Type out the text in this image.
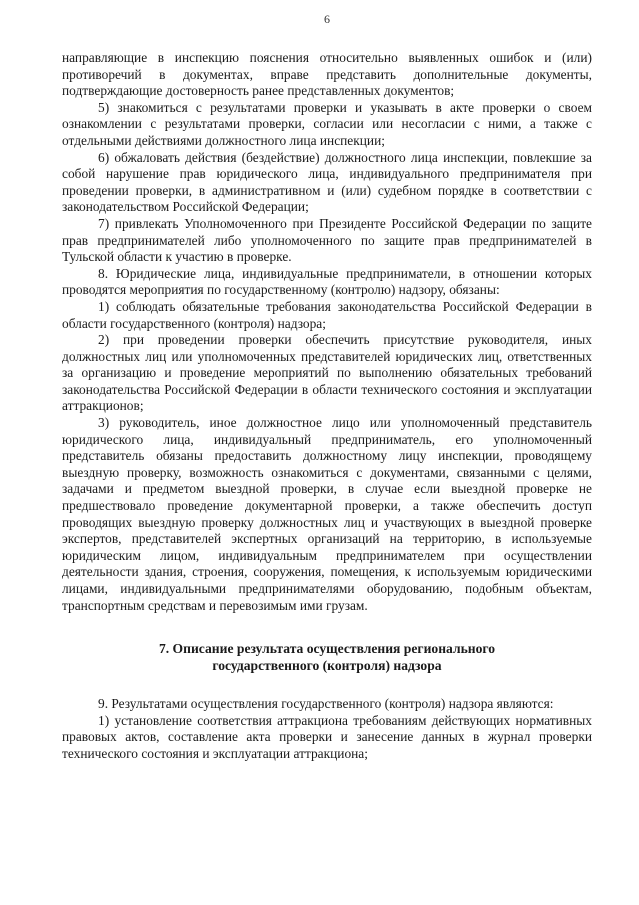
6

направляющие в инспекцию пояснения относительно выявленных ошибок и (или) противоречий в документах, вправе представить дополнительные документы, подтверждающие достоверность ранее представленных документов;

5) знакомиться с результатами проверки и указывать в акте проверки о своем ознакомлении с результатами проверки, согласии или несогласии с ними, а также с отдельными действиями должностного лица инспекции;

6) обжаловать действия (бездействие) должностного лица инспекции, повлекшие за собой нарушение прав юридического лица, индивидуального предпринимателя при проведении проверки, в административном и (или) судебном порядке в соответствии с законодательством Российской Федерации;

7) привлекать Уполномоченного при Президенте Российской Федерации по защите прав предпринимателей либо уполномоченного по защите прав предпринимателей в Тульской области к участию в проверке.

8. Юридические лица, индивидуальные предприниматели, в отношении которых проводятся мероприятия по государственному (контролю) надзору, обязаны:

1) соблюдать обязательные требования законодательства Российской Федерации в области государственного (контроля) надзора;

2) при проведении проверки обеспечить присутствие руководителя, иных должностных лиц или уполномоченных представителей юридических лиц, ответственных за организацию и проведение мероприятий по выполнению обязательных требований законодательства Российской Федерации в области технического состояния и эксплуатации аттракционов;

3) руководитель, иное должностное лицо или уполномоченный представитель юридического лица, индивидуальный предприниматель, его уполномоченный представитель обязаны предоставить должностному лицу инспекции, проводящему выездную проверку, возможность ознакомиться с документами, связанными с целями, задачами и предметом выездной проверки, в случае если выездной проверке не предшествовало проведение документарной проверки, а также обеспечить доступ проводящих выездную проверку должностных лиц и участвующих в выездной проверке экспертов, представителей экспертных организаций на территорию, в используемые юридическим лицом, индивидуальным предпринимателем при осуществлении деятельности здания, строения, сооружения, помещения, к используемым юридическими лицами, индивидуальными предпринимателями оборудованию, подобным объектам, транспортным средствам и перевозимым ими грузам.

7. Описание результата осуществления регионального
государственного (контроля) надзора

9. Результатами осуществления государственного (контроля) надзора являются:

1) установление соответствия аттракциона требованиям действующих нормативных правовых актов, составление акта проверки и занесение данных в журнал проверки технического состояния и эксплуатации аттракциона;
